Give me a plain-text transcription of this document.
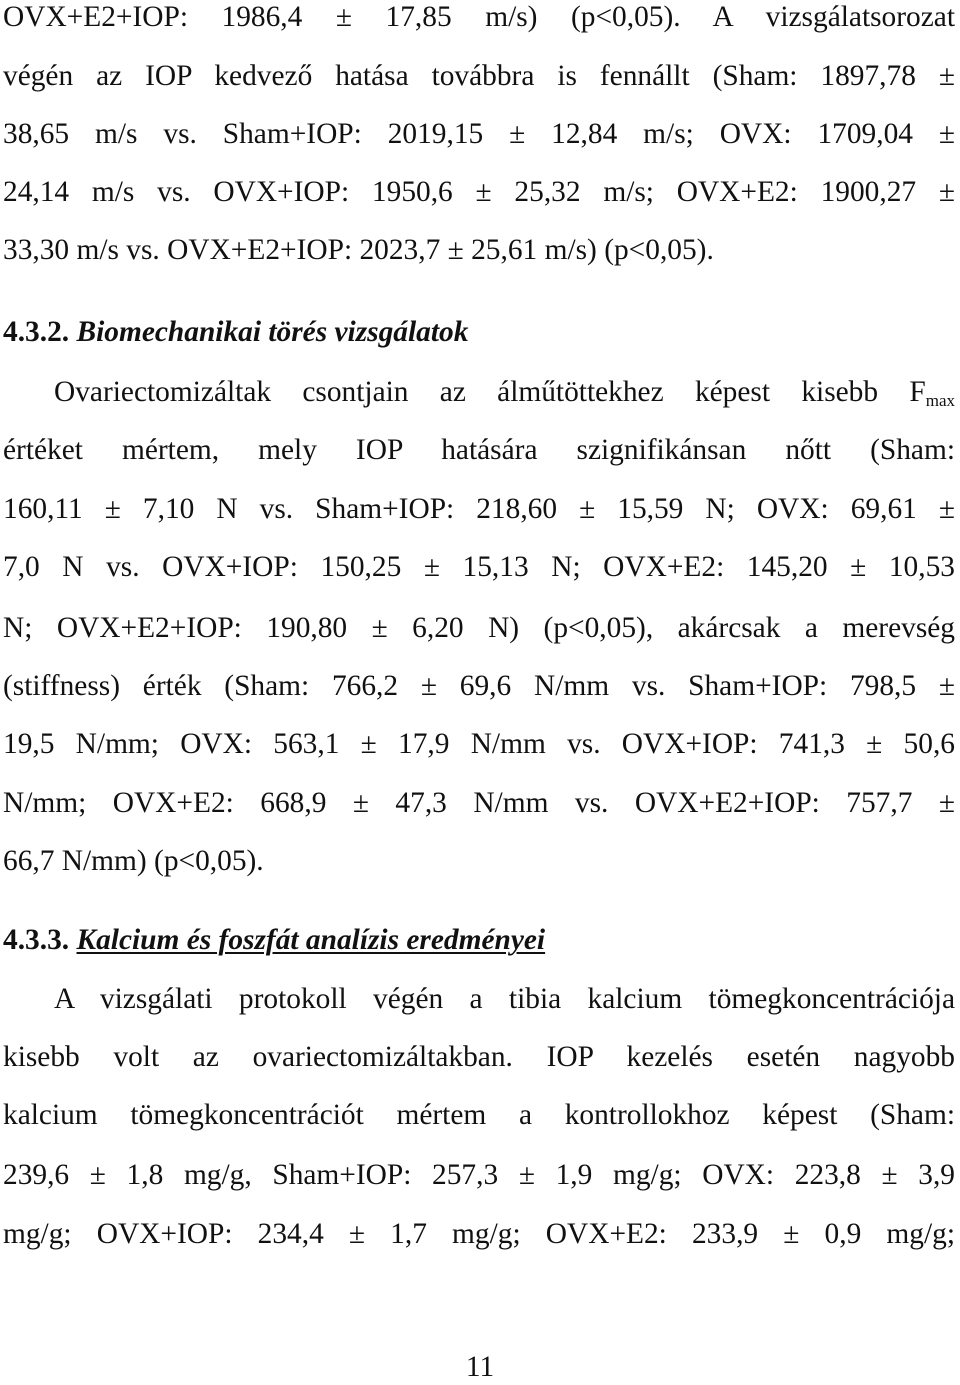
OVX+E2+IOP: 1986,4 ± 17,85 m/s) (p<0,05). A vizsgálatsorozat
végén az IOP kedvező hatása továbbra is fennállt (Sham: 1897,78 ±
38,65 m/s vs. Sham+IOP: 2019,15 ± 12,84 m/s; OVX: 1709,04 ±
24,14 m/s vs. OVX+IOP: 1950,6 ± 25,32 m/s; OVX+E2: 1900,27 ±
33,30 m/s vs. OVX+E2+IOP: 2023,7 ± 25,61 m/s) (p<0,05).
4.3.2. Biomechanikai törés vizsgálatok
Ovariectomizáltak csontjain az álműtöttekhez képest kisebb $F_{max}$
értéket mértem, mely IOP hatására szignifikánsan nőtt (Sham:
160,11 ± 7,10 N vs. Sham+IOP: 218,60 ± 15,59 N; OVX: 69,61 ±
7,0 N vs. OVX+IOP: 150,25 ± 15,13 N; OVX+E2: 145,20 ± 10,53
N; OVX+E2+IOP: 190,80 ± 6,20 N) (p<0,05), akárcsak a merevség
(stiffness) érték (Sham: 766,2 ± 69,6 N/mm vs. Sham+IOP: 798,5 ±
19,5 N/mm; OVX: 563,1 ± 17,9 N/mm vs. OVX+IOP: 741,3 ± 50,6
N/mm; OVX+E2: 668,9 ± 47,3 N/mm vs. OVX+E2+IOP: 757,7 ±
66,7 N/mm) (p<0,05).
4.3.3. Kalcium és foszfát analízis eredményei
A vizsgálati protokoll végén a tibia kalcium tömegkoncentrációja
kisebb volt az ovariectomizáltakban. IOP kezelés esetén nagyobb
kalcium tömegkoncentrációt mértem a kontrollokhoz képest (Sham:
239,6 ± 1,8 mg/g, Sham+IOP: 257,3 ± 1,9 mg/g; OVX: 223,8 ± 3,9
mg/g; OVX+IOP: 234,4 ± 1,7 mg/g; OVX+E2: 233,9 ± 0,9 mg/g;
11
